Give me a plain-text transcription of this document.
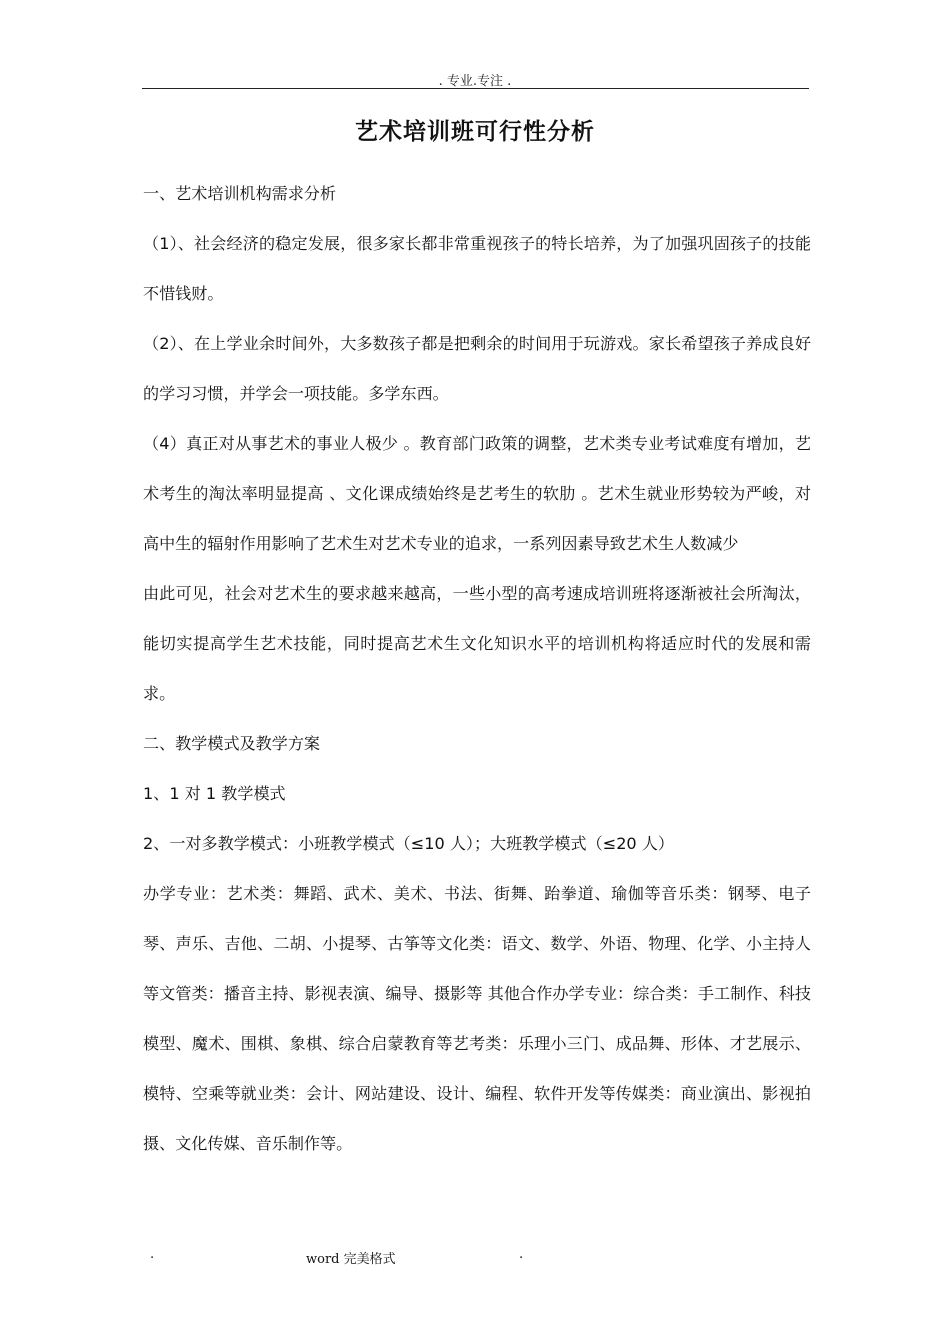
. 专业.专注 .
艺术培训班可行性分析

一、艺术培训机构需求分析

（1）、社会经济的稳定发展，很多家长都非常重视孩子的特长培养，为了加强巩固孩子的技能不惜钱财。

（2）、在上学业余时间外，大多数孩子都是把剩余的时间用于玩游戏。家长希望孩子养成良好的学习习惯，并学会一项技能。多学东西。

（4）真正对从事艺术的事业人极少 。教育部门政策的调整，艺术类专业考试难度有增加，艺术考生的淘汰率明显提高 、文化课成绩始终是艺考生的软肋 。艺术生就业形势较为严峻，对高中生的辐射作用影响了艺术生对艺术专业的追求，一系列因素导致艺术生人数减少

由此可见，社会对艺术生的要求越来越高，一些小型的高考速成培训班将逐渐被社会所淘汰，能切实提高学生艺术技能，同时提高艺术生文化知识水平的培训机构将适应时代的发展和需求。

二、教学模式及教学方案

1、1 对 1 教学模式

2、一对多教学模式：小班教学模式（≤10 人）；大班教学模式（≤20 人）

办学专业：艺术类：舞蹈、武术、美术、书法、街舞、跆拳道、瑜伽等音乐类：钢琴、电子琴、声乐、吉他、二胡、小提琴、古筝等文化类：语文、数学、外语、物理、化学、小主持人等文管类：播音主持、影视表演、编导、摄影等 其他合作办学专业：综合类：手工制作、科技模型、魔术、围棋、象棋、综合启蒙教育等艺考类：乐理小三门、成品舞、形体、才艺展示、模特、空乘等就业类：会计、网站建设、设计、编程、软件开发等传媒类：商业演出、影视拍摄、文化传媒、音乐制作等。

.	word 完美格式	.
